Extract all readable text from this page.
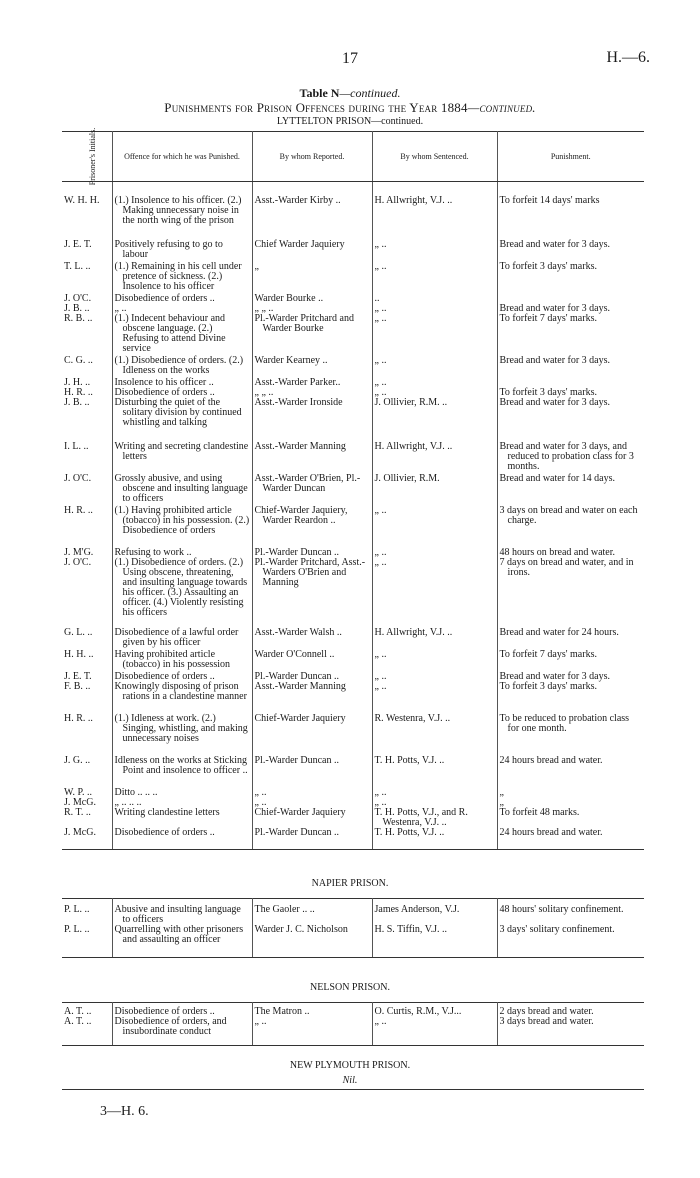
17	H.—6.
Table N—continued.
Punishments for Prison Offences during the Year 1884—continued.
LYTTELTON PRISON—continued.
Prisoner's Initials.	Offence for which he was Punished.	By whom Reported.	By whom Sentenced.	Punishment.

W. H. H.	(1.) Insolence to his officer. (2.) Making unnecessary noise in the north wing of the prison	Asst.-Warder Kirby ..	H. Allwright, V.J. ..	To forfeit 14 days' marks
J. E. T.	Positively refusing to go to labour	Chief Warder Jaquiery	„ ..	Bread and water for 3 days.
T. L. ..	(1.) Remaining in his cell under pretence of sickness. (2.) Insolence to his officer	„	„ ..	To forfeit 3 days' marks.
J. O'C.	Disobedience of orders ..	Warder Bourke ..	..	
J. B. ..	„ ..	„ „ ..	„ ..	Bread and water for 3 days.
R. B. ..	(1.) Indecent behaviour and obscene language. (2.) Refusing to attend Divine service	Pl.-Warder Pritchard and Warder Bourke	„ ..	To forfeit 7 days' marks.
C. G. ..	(1.) Disobedience of orders. (2.) Idleness on the works	Warder Kearney ..	„ ..	Bread and water for 3 days.
J. H. ..	Insolence to his officer ..	Asst.-Warder Parker..	„ ..	
H. R. ..	Disobedience of orders ..	„ „ ..	„ ..	To forfeit 3 days' marks.
J. B. ..	Disturbing the quiet of the solitary division by continued whistling and talking	Asst.-Warder Ironside	J. Ollivier, R.M. ..	Bread and water for 3 days.
I. L. ..	Writing and secreting clandestine letters	Asst.-Warder Manning	H. Allwright, V.J. ..	Bread and water for 3 days, and reduced to probation class for 3 months.
J. O'C.	Grossly abusive, and using obscene and insulting language to officers	Asst.-Warder O'Brien, Pl.-Warder Duncan	J. Ollivier, R.M.	Bread and water for 14 days.
H. R. ..	(1.) Having prohibited article (tobacco) in his possession. (2.) Disobedience of orders	Chief-Warder Jaquiery, Warder Reardon ..	„ ..	3 days on bread and water on each charge.
J. M'G.	Refusing to work ..	Pl.-Warder Duncan ..	„ ..	48 hours on bread and water.
J. O'C.	(1.) Disobedience of orders. (2.) Using obscene, threatening, and insulting language towards his officer. (3.) Assaulting an officer. (4.) Violently resisting his officers	Pl.-Warder Pritchard, Asst.-Warders O'Brien and Manning	„ ..	7 days on bread and water, and in irons.
G. L. ..	Disobedience of a lawful order given by his officer	Asst.-Warder Walsh ..	H. Allwright, V.J. ..	Bread and water for 24 hours.
H. H. ..	Having prohibited article (tobacco) in his possession	Warder O'Connell ..	„ ..	To forfeit 7 days' marks.
J. E. T.	Disobedience of orders ..	Pl.-Warder Duncan ..	„ ..	Bread and water for 3 days.
F. B. ..	Knowingly disposing of prison rations in a clandestine manner	Asst.-Warder Manning	„ ..	To forfeit 3 days' marks.
H. R. ..	(1.) Idleness at work. (2.) Singing, whistling, and making unnecessary noises	Chief-Warder Jaquiery	R. Westenra, V.J. ..	To be reduced to probation class for one month.
J. G. ..	Idleness on the works at Sticking Point and insolence to officer ..	Pl.-Warder Duncan ..	T. H. Potts, V.J. ..	24 hours bread and water.
W. P. ..	Ditto .. .. ..	„ ..	„ ..	„
J. McG.	„ .. .. ..	„ ..	„ ..	„
R. T. ..	Writing clandestine letters	Chief-Warder Jaquiery	T. H. Potts, V.J., and R. Westenra, V.J. ..	To forfeit 48 marks.
J. McG.	Disobedience of orders ..	Pl.-Warder Duncan ..	T. H. Potts, V.J. ..	24 hours bread and water.
NAPIER PRISON.
P. L. ..	Abusive and insulting language to officers	The Gaoler .. ..	James Anderson, V.J.	48 hours' solitary confinement.
P. L. ..	Quarrelling with other prisoners and assaulting an officer	Warder J. C. Nicholson	H. S. Tiffin, V.J. ..	3 days' solitary confinement.
NELSON PRISON.
A. T. ..	Disobedience of orders ..	The Matron ..	O. Curtis, R.M., V.J...	2 days bread and water.
A. T. ..	Disobedience of orders, and insubordinate conduct	„ ..	„ ..	3 days bread and water.
NEW PLYMOUTH PRISON.
Nil.
3—H. 6.
